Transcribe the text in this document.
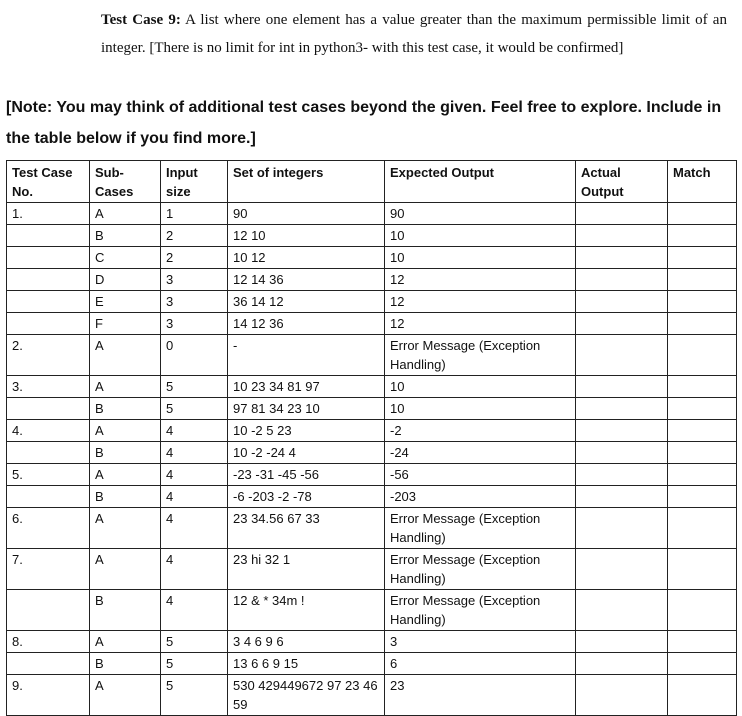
Test Case 9: A list where one element has a value greater than the maximum permissible limit of an integer. [There is no limit for int in python3- with this test case, it would be confirmed]
[Note: You may think of additional test cases beyond the given. Feel free to explore. Include in the table below if you find more.]
Test Case No.	Sub-Cases	Input size	Set of integers	Expected Output	Actual Output	Match
1.	A	1	90	90		
	B	2	12 10	10		
	C	2	10 12	10		
	D	3	12 14 36	12		
	E	3	36 14 12	12		
	F	3	14 12 36	12		
2.	A	0	-	Error Message (Exception Handling)		
3.	A	5	10 23 34 81 97	10		
	B	5	97 81 34 23 10	10		
4.	A	4	10 -2 5 23	-2		
	B	4	10 -2 -24 4	-24		
5.	A	4	-23 -31 -45 -56	-56		
	B	4	-6 -203 -2 -78	-203		
6.	A	4	23 34.56 67 33	Error Message (Exception Handling)		
7.	A	4	23 hi 32 1	Error Message (Exception Handling)		
	B	4	12 & * 34m !	Error Message (Exception Handling)		
8.	A	5	3 4 6 9 6	3		
	B	5	13 6 6 9 15	6		
9.	A	5	530 429449672 97 23 46 59	23		
